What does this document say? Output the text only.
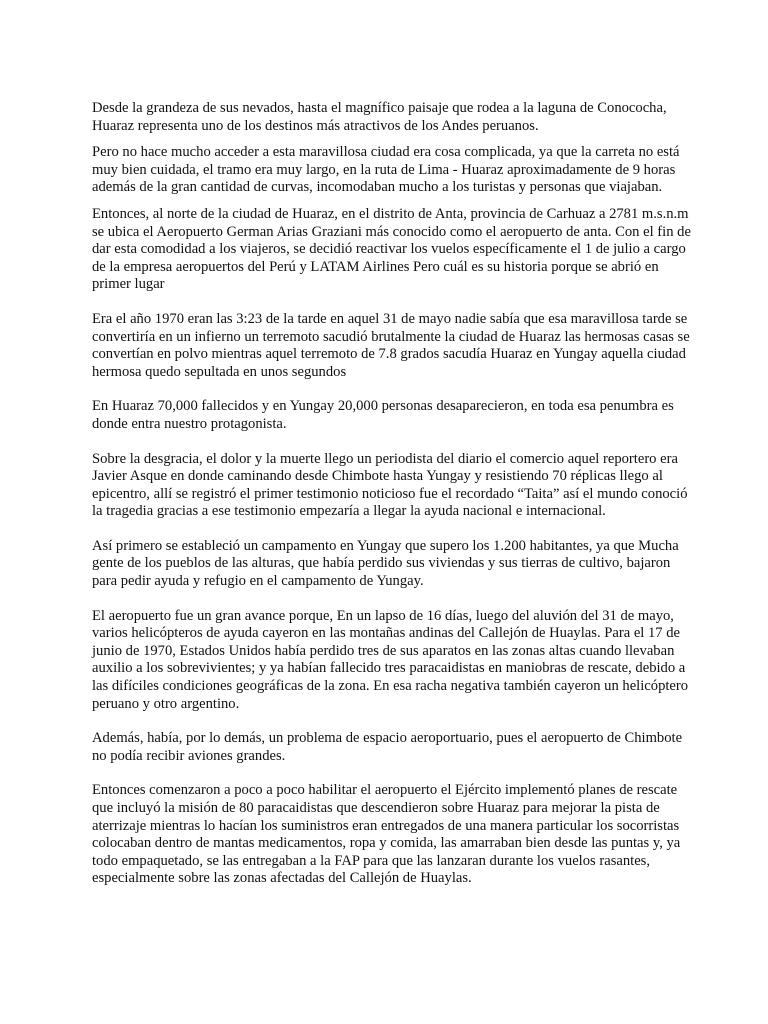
Desde la grandeza de sus nevados, hasta el magnífico paisaje que rodea a la laguna de Conococha, Huaraz representa uno de los destinos más atractivos de los Andes peruanos.

Pero no hace mucho acceder a esta maravillosa ciudad era cosa complicada, ya que la carreta no está muy bien cuidada, el tramo era muy largo, en la ruta de Lima - Huaraz aproximadamente de 9 horas además de la gran cantidad de curvas, incomodaban mucho a los turistas y personas que viajaban.

Entonces, al norte de la ciudad de Huaraz, en el distrito de Anta, provincia de Carhuaz a 2781 m.s.n.m se ubica el Aeropuerto German Arias Graziani más conocido como el aeropuerto de anta. Con el fin de dar esta comodidad a los viajeros, se decidió reactivar los vuelos específicamente el 1 de julio a cargo de la empresa aeropuertos del Perú y LATAM Airlines Pero cuál es su historia porque se abrió en primer lugar

Era el año 1970 eran las 3:23 de la tarde en aquel 31 de mayo nadie sabía que esa maravillosa tarde se convertiría en un infierno un terremoto sacudió brutalmente la ciudad de Huaraz las hermosas casas se convertían en polvo mientras aquel terremoto de 7.8 grados sacudía Huaraz en Yungay aquella ciudad hermosa quedo sepultada en unos segundos

En Huaraz 70,000 fallecidos y en Yungay 20,000 personas desaparecieron, en toda esa penumbra es donde entra nuestro protagonista.

Sobre la desgracia, el dolor y la muerte llego un periodista del diario el comercio aquel reportero era Javier Asque en donde caminando desde Chimbote hasta Yungay y resistiendo 70 réplicas llego al epicentro, allí se registró el primer testimonio noticioso fue el recordado “Taita” así el mundo conoció la tragedia gracias a ese testimonio empezaría a llegar la ayuda nacional e internacional.

Así primero se estableció un campamento en Yungay que supero los 1.200 habitantes, ya que Mucha gente de los pueblos de las alturas, que había perdido sus viviendas y sus tierras de cultivo, bajaron para pedir ayuda y refugio en el campamento de Yungay.

El aeropuerto fue un gran avance porque, En un lapso de 16 días, luego del aluvión del 31 de mayo, varios helicópteros de ayuda cayeron en las montañas andinas del Callejón de Huaylas. Para el 17 de junio de 1970, Estados Unidos había perdido tres de sus aparatos en las zonas altas cuando llevaban auxilio a los sobrevivientes; y ya habían fallecido tres paracaidistas en maniobras de rescate, debido a las difíciles condiciones geográficas de la zona. En esa racha negativa también cayeron un helicóptero peruano y otro argentino.

Además, había, por lo demás, un problema de espacio aeroportuario, pues el aeropuerto de Chimbote no podía recibir aviones grandes.

Entonces comenzaron a poco a poco habilitar el aeropuerto el Ejército implementó planes de rescate que incluyó la misión de 80 paracaidistas que descendieron sobre Huaraz para mejorar la pista de aterrizaje mientras lo hacían los suministros eran entregados de una manera particular los socorristas colocaban dentro de mantas medicamentos, ropa y comida, las amarraban bien desde las puntas y, ya todo empaquetado, se las entregaban a la FAP para que las lanzaran durante los vuelos rasantes, especialmente sobre las zonas afectadas del Callejón de Huaylas.
